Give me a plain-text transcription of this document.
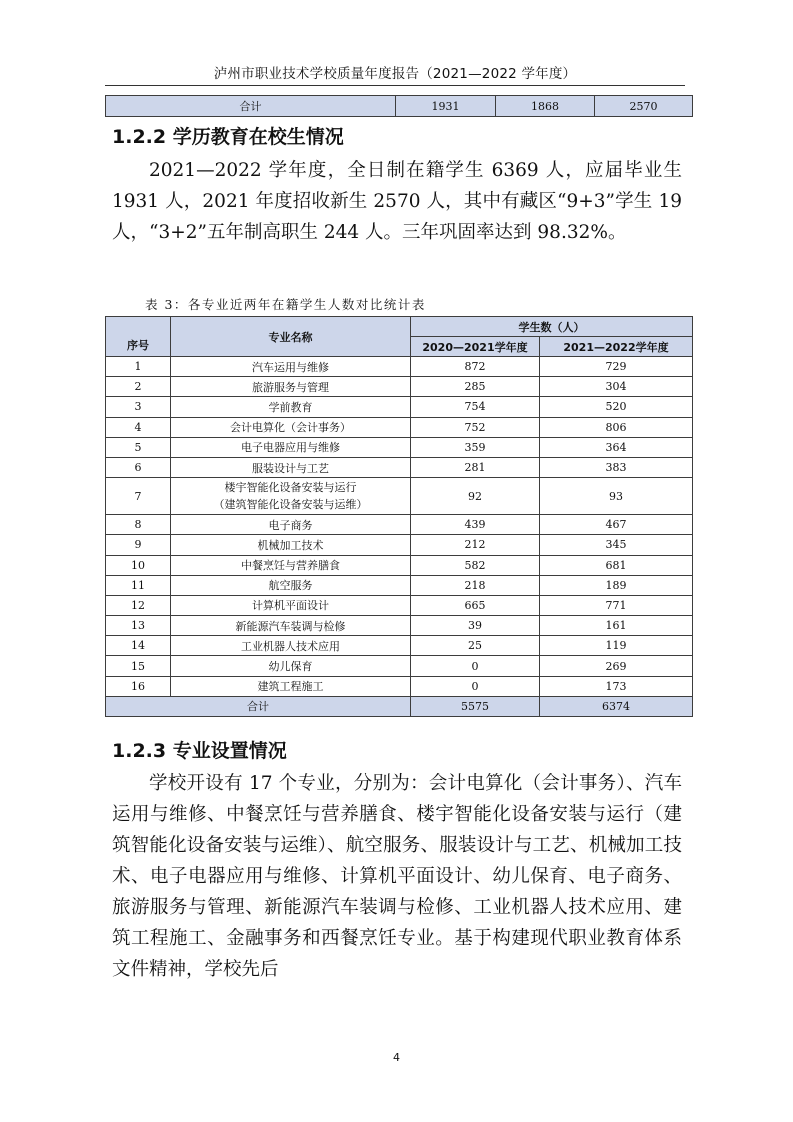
泸州市职业技术学校质量年度报告（2021—2022 学年度）
合计	1931	1868	2570
1.2.2 学历教育在校生情况

2021—2022 学年度，全日制在籍学生 6369 人，应届毕业生 1931 人，2021 年度招收新生 2570 人，其中有藏区“9+3”学生 19 人，“3+2”五年制高职生 244 人。三年巩固率达到 98.32%。

表 3：各专业近两年在籍学生人数对比统计表
序号	专业名称	学生数（人）	
		2020—2021学年度	2021—2022学年度
1	汽车运用与维修	872	729
2	旅游服务与管理	285	304
3	学前教育	754	520
4	会计电算化（会计事务）	752	806
5	电子电器应用与维修	359	364
6	服装设计与工艺	281	383
7	楼宇智能化设备安装与运行
（建筑智能化设备安装与运维）	92	93
8	电子商务	439	467
9	机械加工技术	212	345
10	中餐烹饪与营养膳食	582	681
11	航空服务	218	189
12	计算机平面设计	665	771
13	新能源汽车装调与检修	39	161
14	工业机器人技术应用	25	119
15	幼儿保育	0	269
16	建筑工程施工	0	173
合计		5575	6374
1.2.3 专业设置情况

学校开设有 17 个专业，分别为：会计电算化（会计事务）、汽车运用与维修、中餐烹饪与营养膳食、楼宇智能化设备安装与运行（建筑智能化设备安装与运维）、航空服务、服装设计与工艺、机械加工技术、电子电器应用与维修、计算机平面设计、幼儿保育、电子商务、旅游服务与管理、新能源汽车装调与检修、工业机器人技术应用、建筑工程施工、金融事务和西餐烹饪专业。基于构建现代职业教育体系文件精神，学校先后

4
